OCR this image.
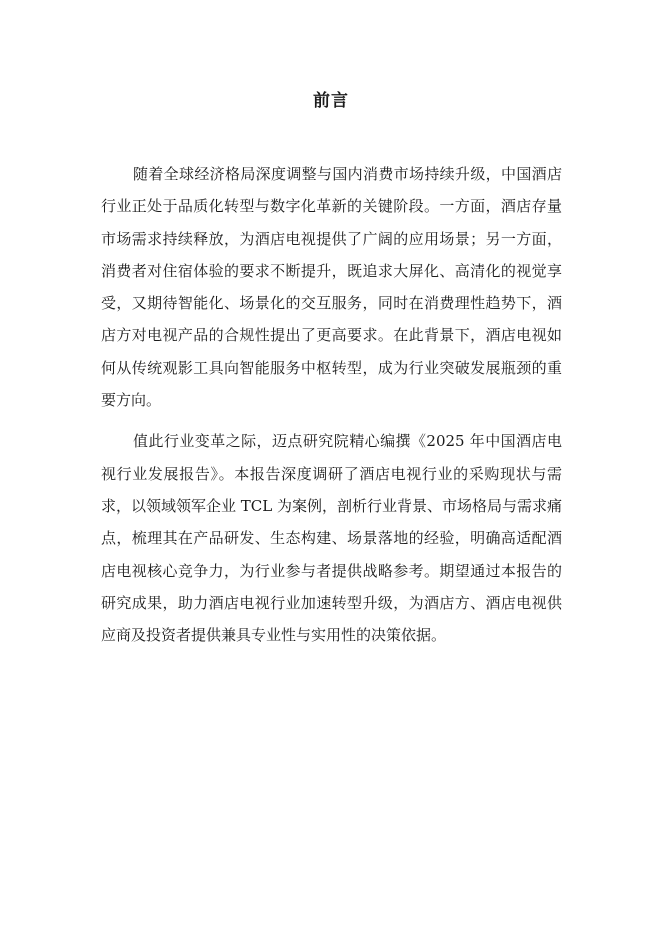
前言

随着全球经济格局深度调整与国内消费市场持续升级，中国酒店行业正处于品质化转型与数字化革新的关键阶段。一方面，酒店存量市场需求持续释放，为酒店电视提供了广阔的应用场景；另一方面，消费者对住宿体验的要求不断提升，既追求大屏化、高清化的视觉享受，又期待智能化、场景化的交互服务，同时在消费理性趋势下，酒店方对电视产品的合规性提出了更高要求。在此背景下，酒店电视如何从传统观影工具向智能服务中枢转型，成为行业突破发展瓶颈的重要方向。

值此行业变革之际，迈点研究院精心编撰《2025 年中国酒店电视行业发展报告》。本报告深度调研了酒店电视行业的采购现状与需求，以领域领军企业 TCL 为案例，剖析行业背景、市场格局与需求痛点，梳理其在产品研发、生态构建、场景落地的经验，明确高适配酒店电视核心竞争力，为行业参与者提供战略参考。期望通过本报告的研究成果，助力酒店电视行业加速转型升级，为酒店方、酒店电视供应商及投资者提供兼具专业性与实用性的决策依据。
